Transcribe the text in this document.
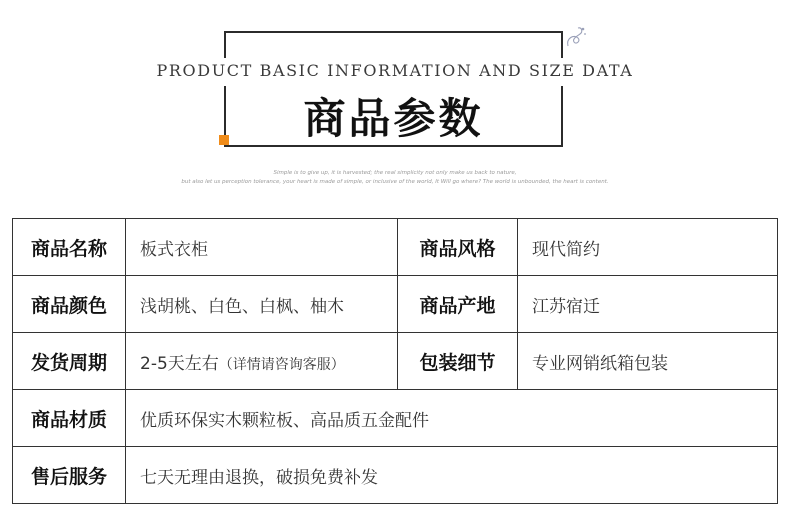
PRODUCT BASIC INFORMATION AND SIZE DATA
商品参数
Simple is to give up, it is harvested; the real simplicity not only make us back to nature,
but also let us perception tolerance, your heart is made of simple, or inclusive of the world, It Will go where? The world is unbounded, the heart is content.
商品名称	板式衣柜	商品风格	现代简约
商品颜色	浅胡桃、白色、白枫、柚木	商品产地	江苏宿迁
发货周期	2-5天左右（详情请咨询客服）	包装细节	专业网销纸箱包装
商品材质	优质环保实木颗粒板、高品质五金配件		
售后服务	七天无理由退换，破损免费补发		
